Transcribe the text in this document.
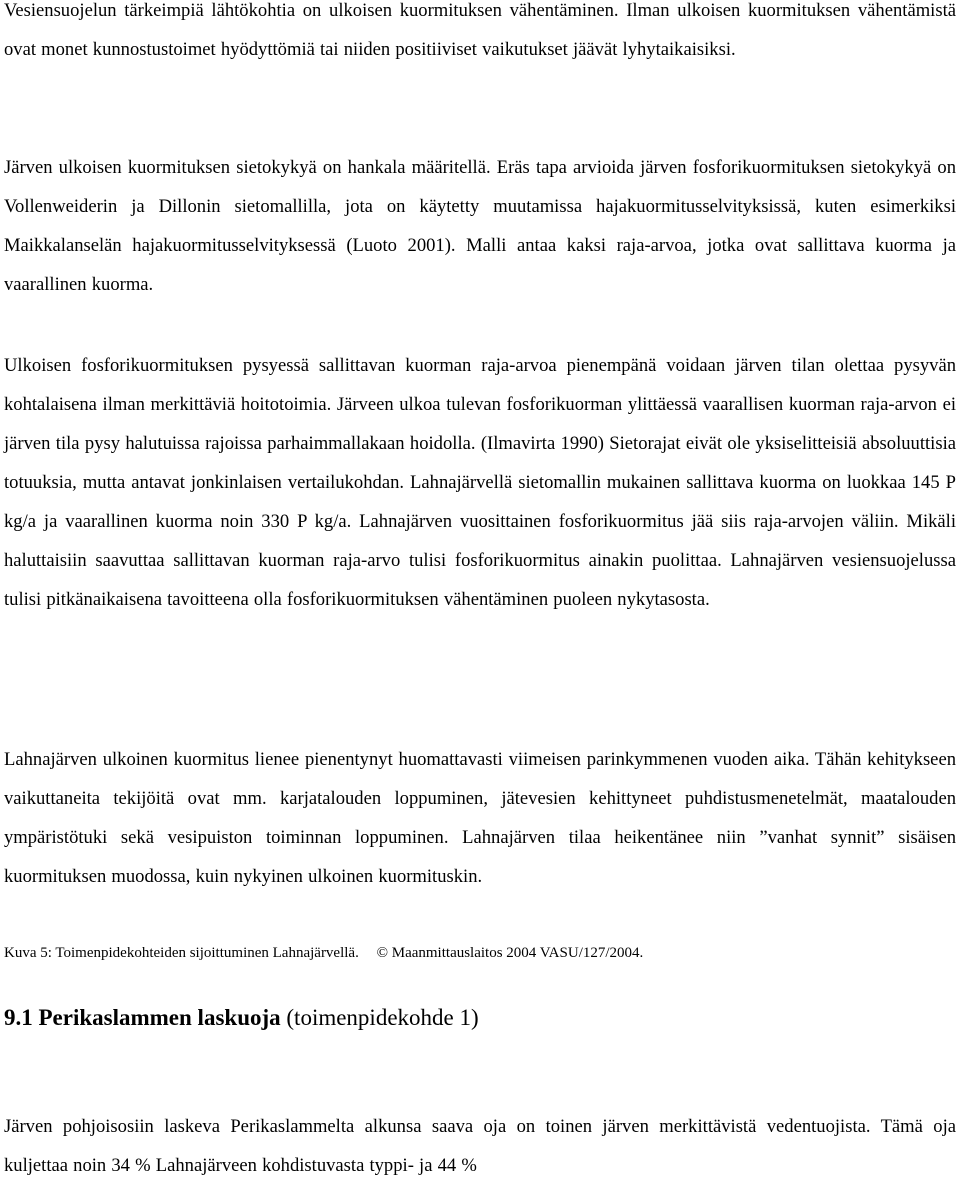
Vesiensuojelun tärkeimpiä lähtökohtia on ulkoisen kuormituksen vähentäminen. Ilman ulkoisen kuormituksen vähentämistä ovat monet kunnostustoimet hyödyttömiä tai niiden positiiviset vaikutukset jäävät lyhytaikaisiksi.

Järven ulkoisen kuormituksen sietokykyä on hankala määritellä. Eräs tapa arvioida järven fosforikuormituksen sietokykyä on Vollenweiderin ja Dillonin sietomallilla, jota on käytetty muutamissa hajakuormitusselvityksissä, kuten esimerkiksi Maikkalanselän hajakuormitusselvityksessä (Luoto 2001). Malli antaa kaksi raja-arvoa, jotka ovat sallittava kuorma ja vaarallinen kuorma.

Ulkoisen fosforikuormituksen pysyessä sallittavan kuorman raja-arvoa pienempänä voidaan järven tilan olettaa pysyvän kohtalaisena ilman merkittäviä hoitotoimia. Järveen ulkoa tulevan fosforikuorman ylittäessä vaarallisen kuorman raja-arvon ei järven tila pysy halutuissa rajoissa parhaimmallakaan hoidolla. (Ilmavirta 1990) Sietorajat eivät ole yksiselitteisiä absoluuttisia totuuksia, mutta antavat jonkinlaisen vertailukohdan. Lahnajärvellä sietomallin mukainen sallittava kuorma on luokkaa 145 P kg/a ja vaarallinen kuorma noin 330 P kg/a. Lahnajärven vuosittainen fosforikuormitus jää siis raja-arvojen väliin. Mikäli haluttaisiin saavuttaa sallittavan kuorman raja-arvo tulisi fosforikuormitus ainakin puolittaa. Lahnajärven vesiensuojelussa tulisi pitkänaikaisena tavoitteena olla fosforikuormituksen vähentäminen puoleen nykytasosta.

Lahnajärven ulkoinen kuormitus lienee pienentynyt huomattavasti viimeisen parinkymmenen vuoden aika. Tähän kehitykseen vaikuttaneita tekijöitä ovat mm. karjatalouden loppuminen, jätevesien kehittyneet puhdistusmenetelmät, maatalouden ympäristötuki sekä vesipuiston toiminnan loppuminen. Lahnajärven tilaa heikentänee niin ”vanhat synnit” sisäisen kuormituksen muodossa, kuin nykyinen ulkoinen kuormituskin.

Kuva 5: Toimenpidekohteiden sijoittuminen Lahnajärvellä. © Maanmittauslaitos 2004 VASU/127/2004.
9.1 Perikaslammen laskuoja (toimenpidekohde 1)

Järven pohjoisosiin laskeva Perikaslammelta alkunsa saava oja on toinen järven merkittävistä vedentuojista. Tämä oja kuljettaa noin 34 % Lahnajärveen kohdistuvasta typpi- ja 44 %
